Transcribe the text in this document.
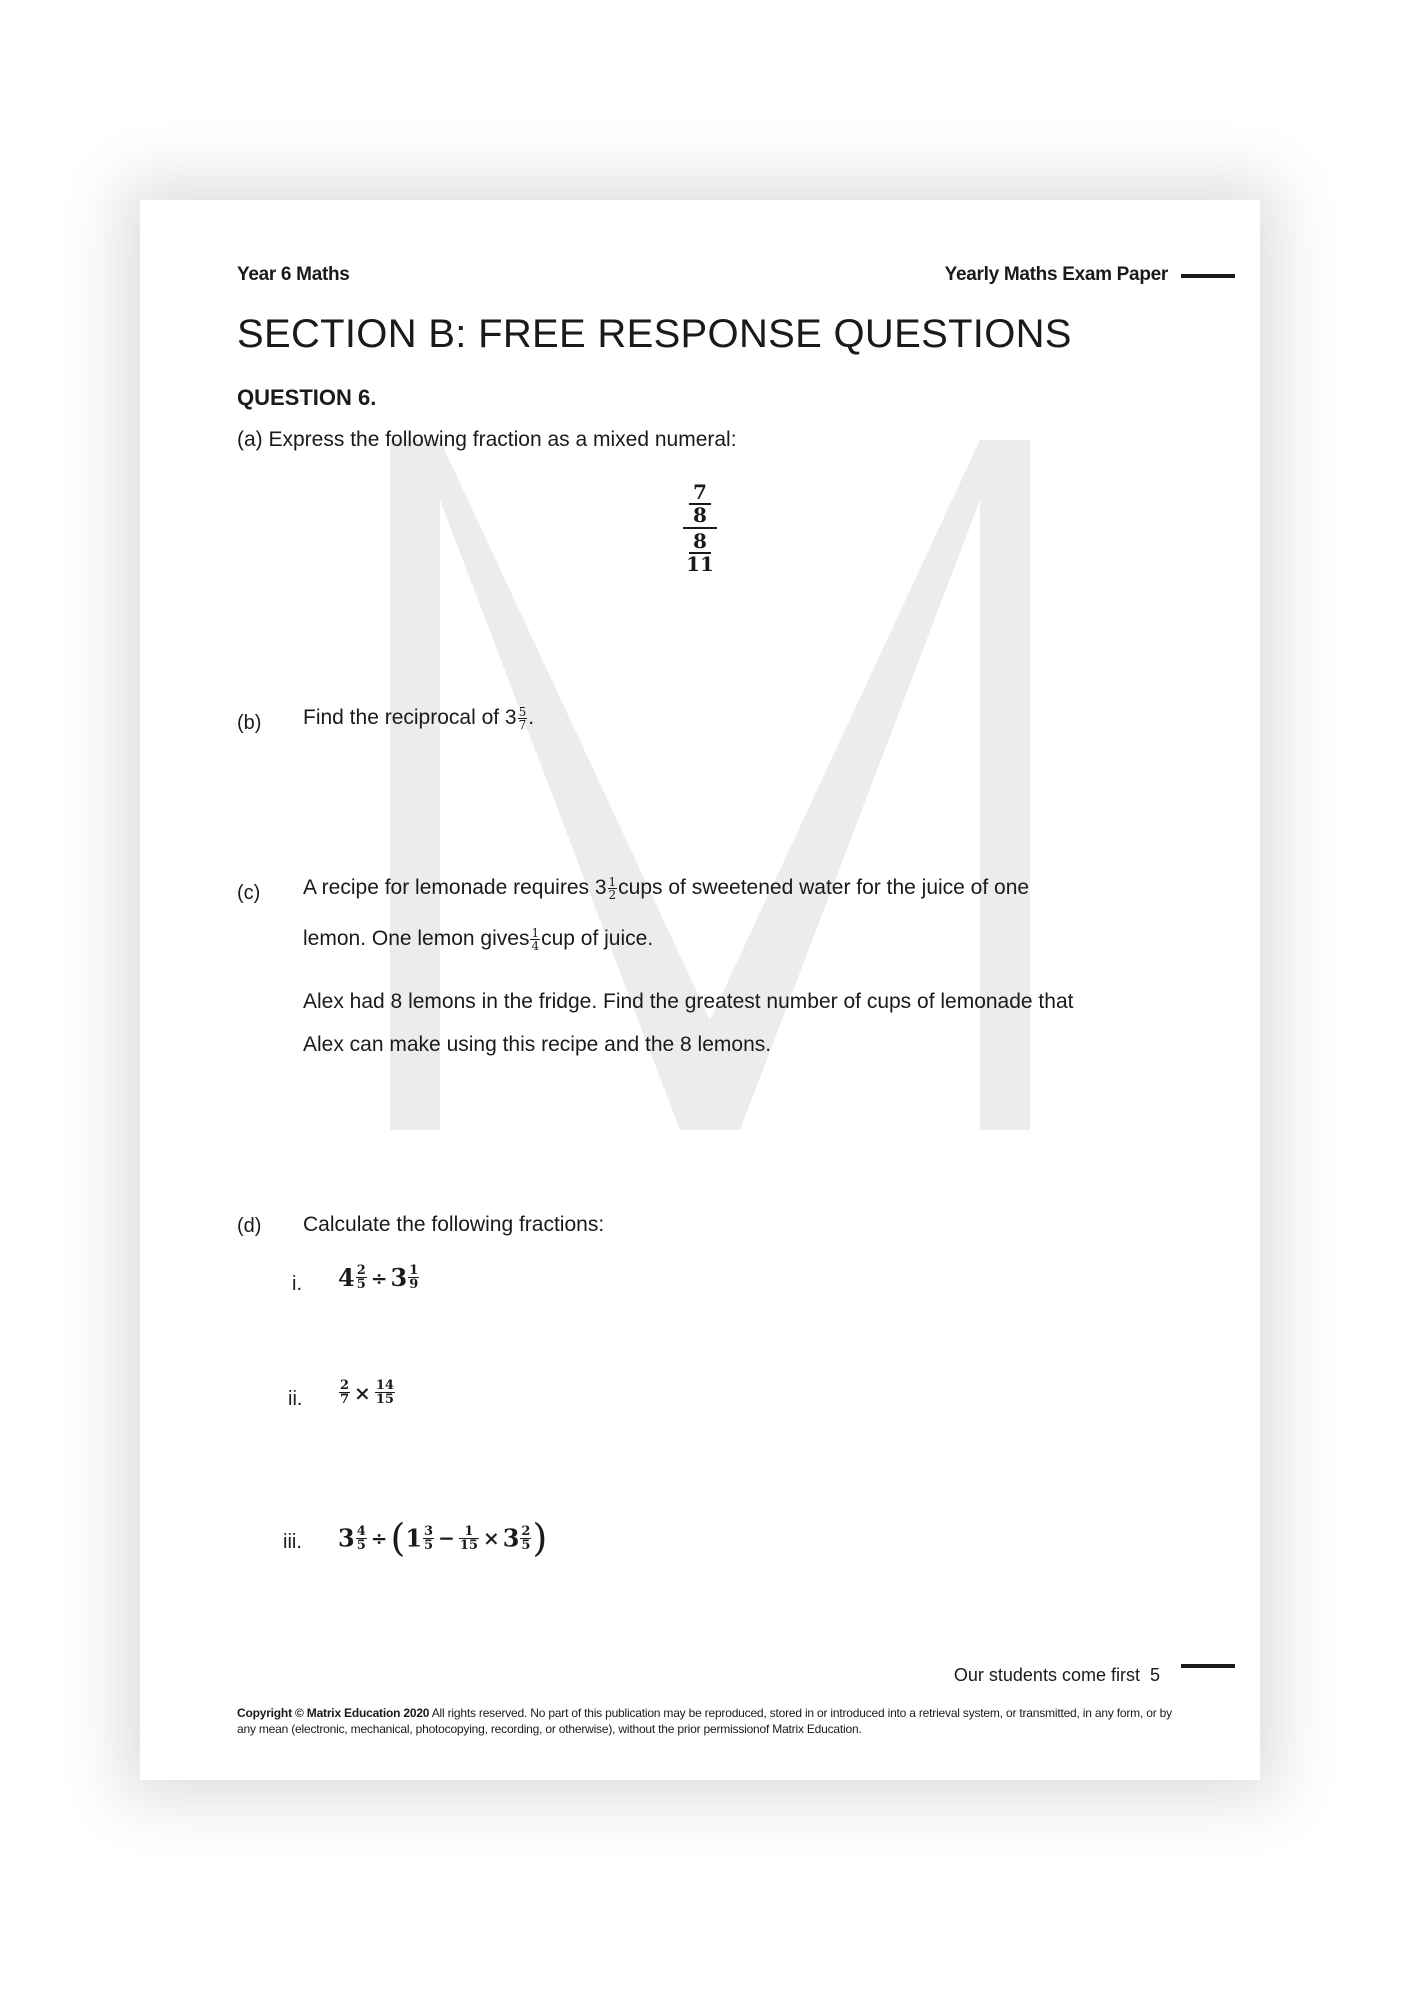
Year 6 Maths	Yearly Maths Exam Paper
SECTION B: FREE RESPONSE QUESTIONS
QUESTION 6.
(a) Express the following fraction as a mixed numeral:
7
8
8
11
(b) Find the reciprocal of $3 \frac{5}{7}$ .
(c) A recipe for lemonade requires $3 \frac{1}{2}$ cups of sweetened water for the juice of one
lemon. One lemon gives $\frac{1}{4}$ cup of juice.
Alex had 8 lemons in the fridge. Find the greatest number of cups of lemonade that
Alex can make using this recipe and the 8 lemons.
(d) Calculate the following fractions:
i. $4 \frac{2}{5} \div 3 \frac{1}{9}$
ii.	$\frac{2}{7} \times \frac{14}{15}$
iii. $3 \frac{4}{5} \div(1 \frac{3}{5} - \frac{1}{15} \times 3 \frac{2}{5}$ )
Our students come first 5
Copyright © Matrix Education 2020 All rights reserved. No part of this publication may be reproduced, stored in or introduced into a retrieval system, or transmitted, in any form, or by any mean (electronic, mechanical, photocopying, recording, or otherwise), without the prior permissionof Matrix Education.
